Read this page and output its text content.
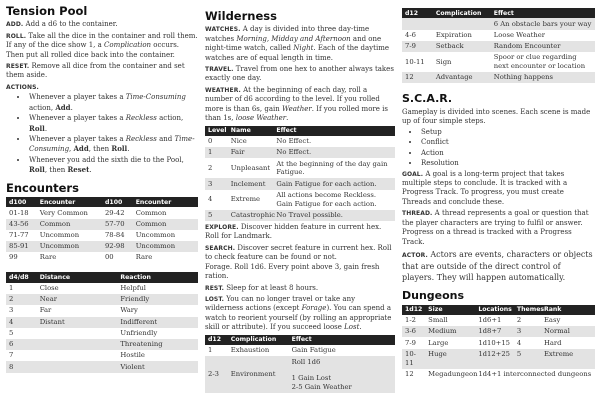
Tension Pool

ADD. Add a d6 to the container.

ROLL. Take all the dice in the container and roll them. If any of the dice show 1, a Complication occurs. Then put all rolled dice back into the container.

RESET. Remove all dice from the container and set them aside.

ACTIONS.

• Whenever a player takes a Time-Consuming action, Add.
• Whenever a player takes a Reckless action, Roll.
• Whenever a player takes a Reckless and Time-Consuming, Add, then Roll.
• Whenever you add the sixth die to the Pool, Roll, then Reset.
Encounters
d100	Encounter	d100	Encounter
01-18	Very Common	29-42	Common
43-56	Common	57-70	Common
71-77	Uncommon	78-84	Uncommon
85-91	Uncommon	92-98	Uncommon
99	Rare	00	Rare
d4/d8	Distance	Reaction
1	Close	Helpful
2	Near	Friendly
3	Far	Wary
4	Distant	Indifferent
5		Unfriendly
6		Threatening
7		Hostile
8		Violent
Wilderness

WATCHES. A day is divided into three day-time watches Morning, Midday and Afternoon and one night-time watch, called Night. Each of the daytime watches are of equal length in time.

TRAVEL. Travel from one hex to another always takes exactly one day.

WEATHER. At the beginning of each day, roll a number of d6 according to the level. If you rolled more is than 6s, gain Weather. If you rolled more is than 1s, loose Weather.

Level	Name	Effect
0	Nice	No Effect.
1	Fair	No Effect.
2	Unpleasant	At the beginning of the day gain Fatigue.
3	Inclement	Gain Fatigue for each action.
4	Extreme	All actions become Reckless. Gain Fatigue for each action.
5	Catastrophic	No Travel possible.

EXPLORE. Discover hidden feature in current hex. Roll for Landmark.

SEARCH. Discover secret feature in current hex. Roll to check feature can be found or not.

Forage. Roll 1d6. Every point above 3, gain fresh ration.

REST. Sleep for at least 8 hours.

LOST. You can no longer travel or take any wilderness actions (except Forage). You can spend a watch to reorient yourself (by rolling an appropriate skill or attribute). If you succeed loose Lost.

d12	Complication	Effect
1	Exhaustion	Gain Fatigue
2-3	Environment	Roll 1d6
1 Gain Lost
2-5 Gain Weather
d12	Complication	Effect
		6 An obstacle bars your way
4-6	Expiration	Loose Weather
7-9	Setback	Random Encounter
10-11	Sign	Spoor or clue regarding next encounter or location
12	Advantage	Nothing happens
S.C.A.R.

Gameplay is divided into scenes. Each scene is made up of four simple steps.

• Setup
• Conflict
• Action
• Resolution

GOAL. A goal is a long-term project that takes multiple steps to conclude. It is tracked with a Progress Track. To progress, you must create Threads and conclude these.

THREAD. A thread represents a goal or question that the player characters are trying to fulfil or answer. Progress on a thread is tracked with a Progress Track.

ACTOR. Actors are events, characters or objects that are outside of the direct control of players. They will happen automatically.

Dungeons
1d12	Size	Locations	Themes	Rank
1-2	Small	1d6+1	2	Easy
3-6	Medium	1d8+7	3	Normal
7-9	Large	1d10+15	4	Hard
10-11	Huge	1d12+25	5	Extreme
12	Megadungeon	1d4+1 interconnected dungeons		
